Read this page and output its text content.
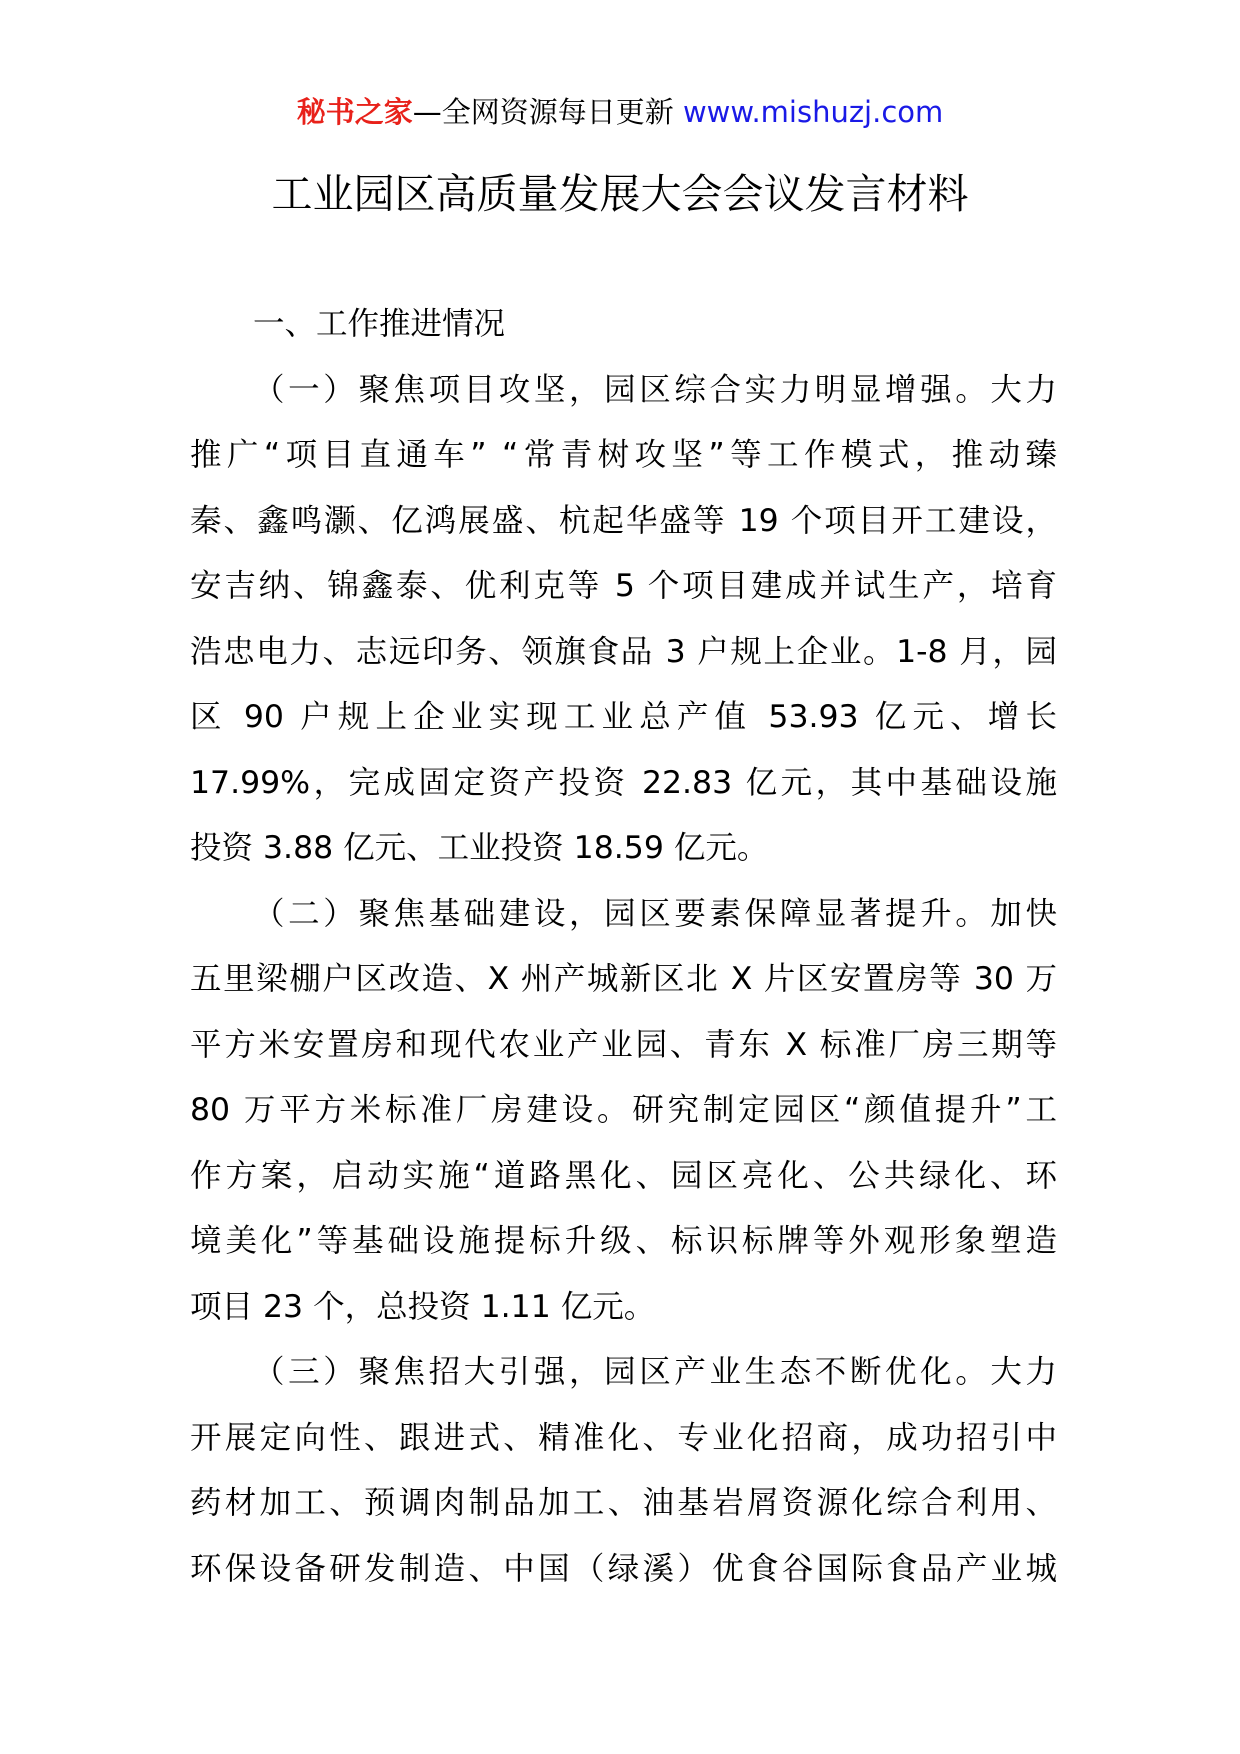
秘书之家—全网资源每日更新 www.mishuzj.com
工业园区高质量发展大会会议发言材料

一、工作推进情况

（一）聚焦项目攻坚，园区综合实力明显增强。大力
推广“项目直通车” “常青树攻坚”等工作模式，推动臻
秦、鑫鸣灏、亿鸿展盛、杭起华盛等 19 个项目开工建设，
安吉纳、锦鑫泰、优利克等 5 个项目建成并试生产，培育
浩忠电力、志远印务、领旗食品 3 户规上企业。1-8 月，园
区 90 户规上企业实现工业总产值 53.93 亿元、增长
17.99%，完成固定资产投资 22.83 亿元，其中基础设施
投资 3.88 亿元、工业投资 18.59 亿元。
（二）聚焦基础建设，园区要素保障显著提升。加快
五里梁棚户区改造、X 州产城新区北 X 片区安置房等 30 万
平方米安置房和现代农业产业园、青东 X 标准厂房三期等
80 万平方米标准厂房建设。研究制定园区“颜值提升”工
作方案，启动实施“道路黑化、园区亮化、公共绿化、环
境美化”等基础设施提标升级、标识标牌等外观形象塑造
项目 23 个，总投资 1.11 亿元。
（三）聚焦招大引强，园区产业生态不断优化。大力
开展定向性、跟进式、精准化、专业化招商，成功招引中
药材加工、预调肉制品加工、油基岩屑资源化综合利用、
环保设备研发制造、中国（绿溪）优食谷国际食品产业城
